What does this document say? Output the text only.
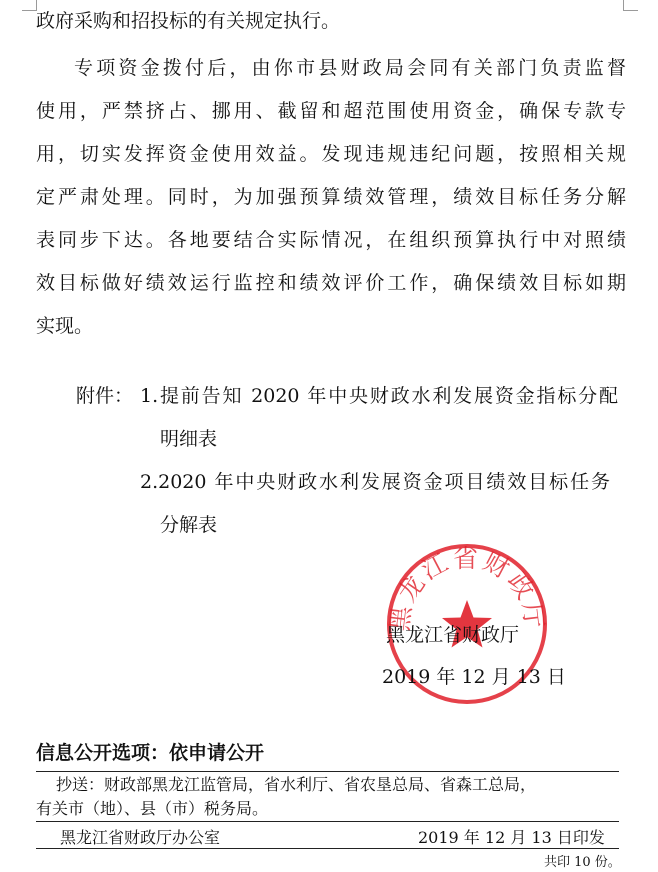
政府采购和招投标的有关规定执行。
专项资金拨付后，由你市县财政局会同有关部门负责监督
使用，严禁挤占、挪用、截留和超范围使用资金，确保专款专
用，切实发挥资金使用效益。发现违规违纪问题，按照相关规
定严肃处理。同时，为加强预算绩效管理，绩效目标任务分解
表同步下达。各地要结合实际情况，在组织预算执行中对照绩
效目标做好绩效运行监控和绩效评价工作，确保绩效目标如期
实现。
附件： 1.提前告知 2020 年中央财政水利发展资金指标分配
明细表
2.2020 年中央财政水利发展资金项目绩效目标任务
分解表
黑龙江省财政厅
黑龙江省财政厅
2019 年 12 月 13 日
信息公开选项：依申请公开
抄送：财政部黑龙江监管局，省水利厅、省农垦总局、省森工总局，
有关市（地）、县（市）税务局。
黑龙江省财政厅办公室	2019 年 12 月 13 日印发
共印 10 份。
